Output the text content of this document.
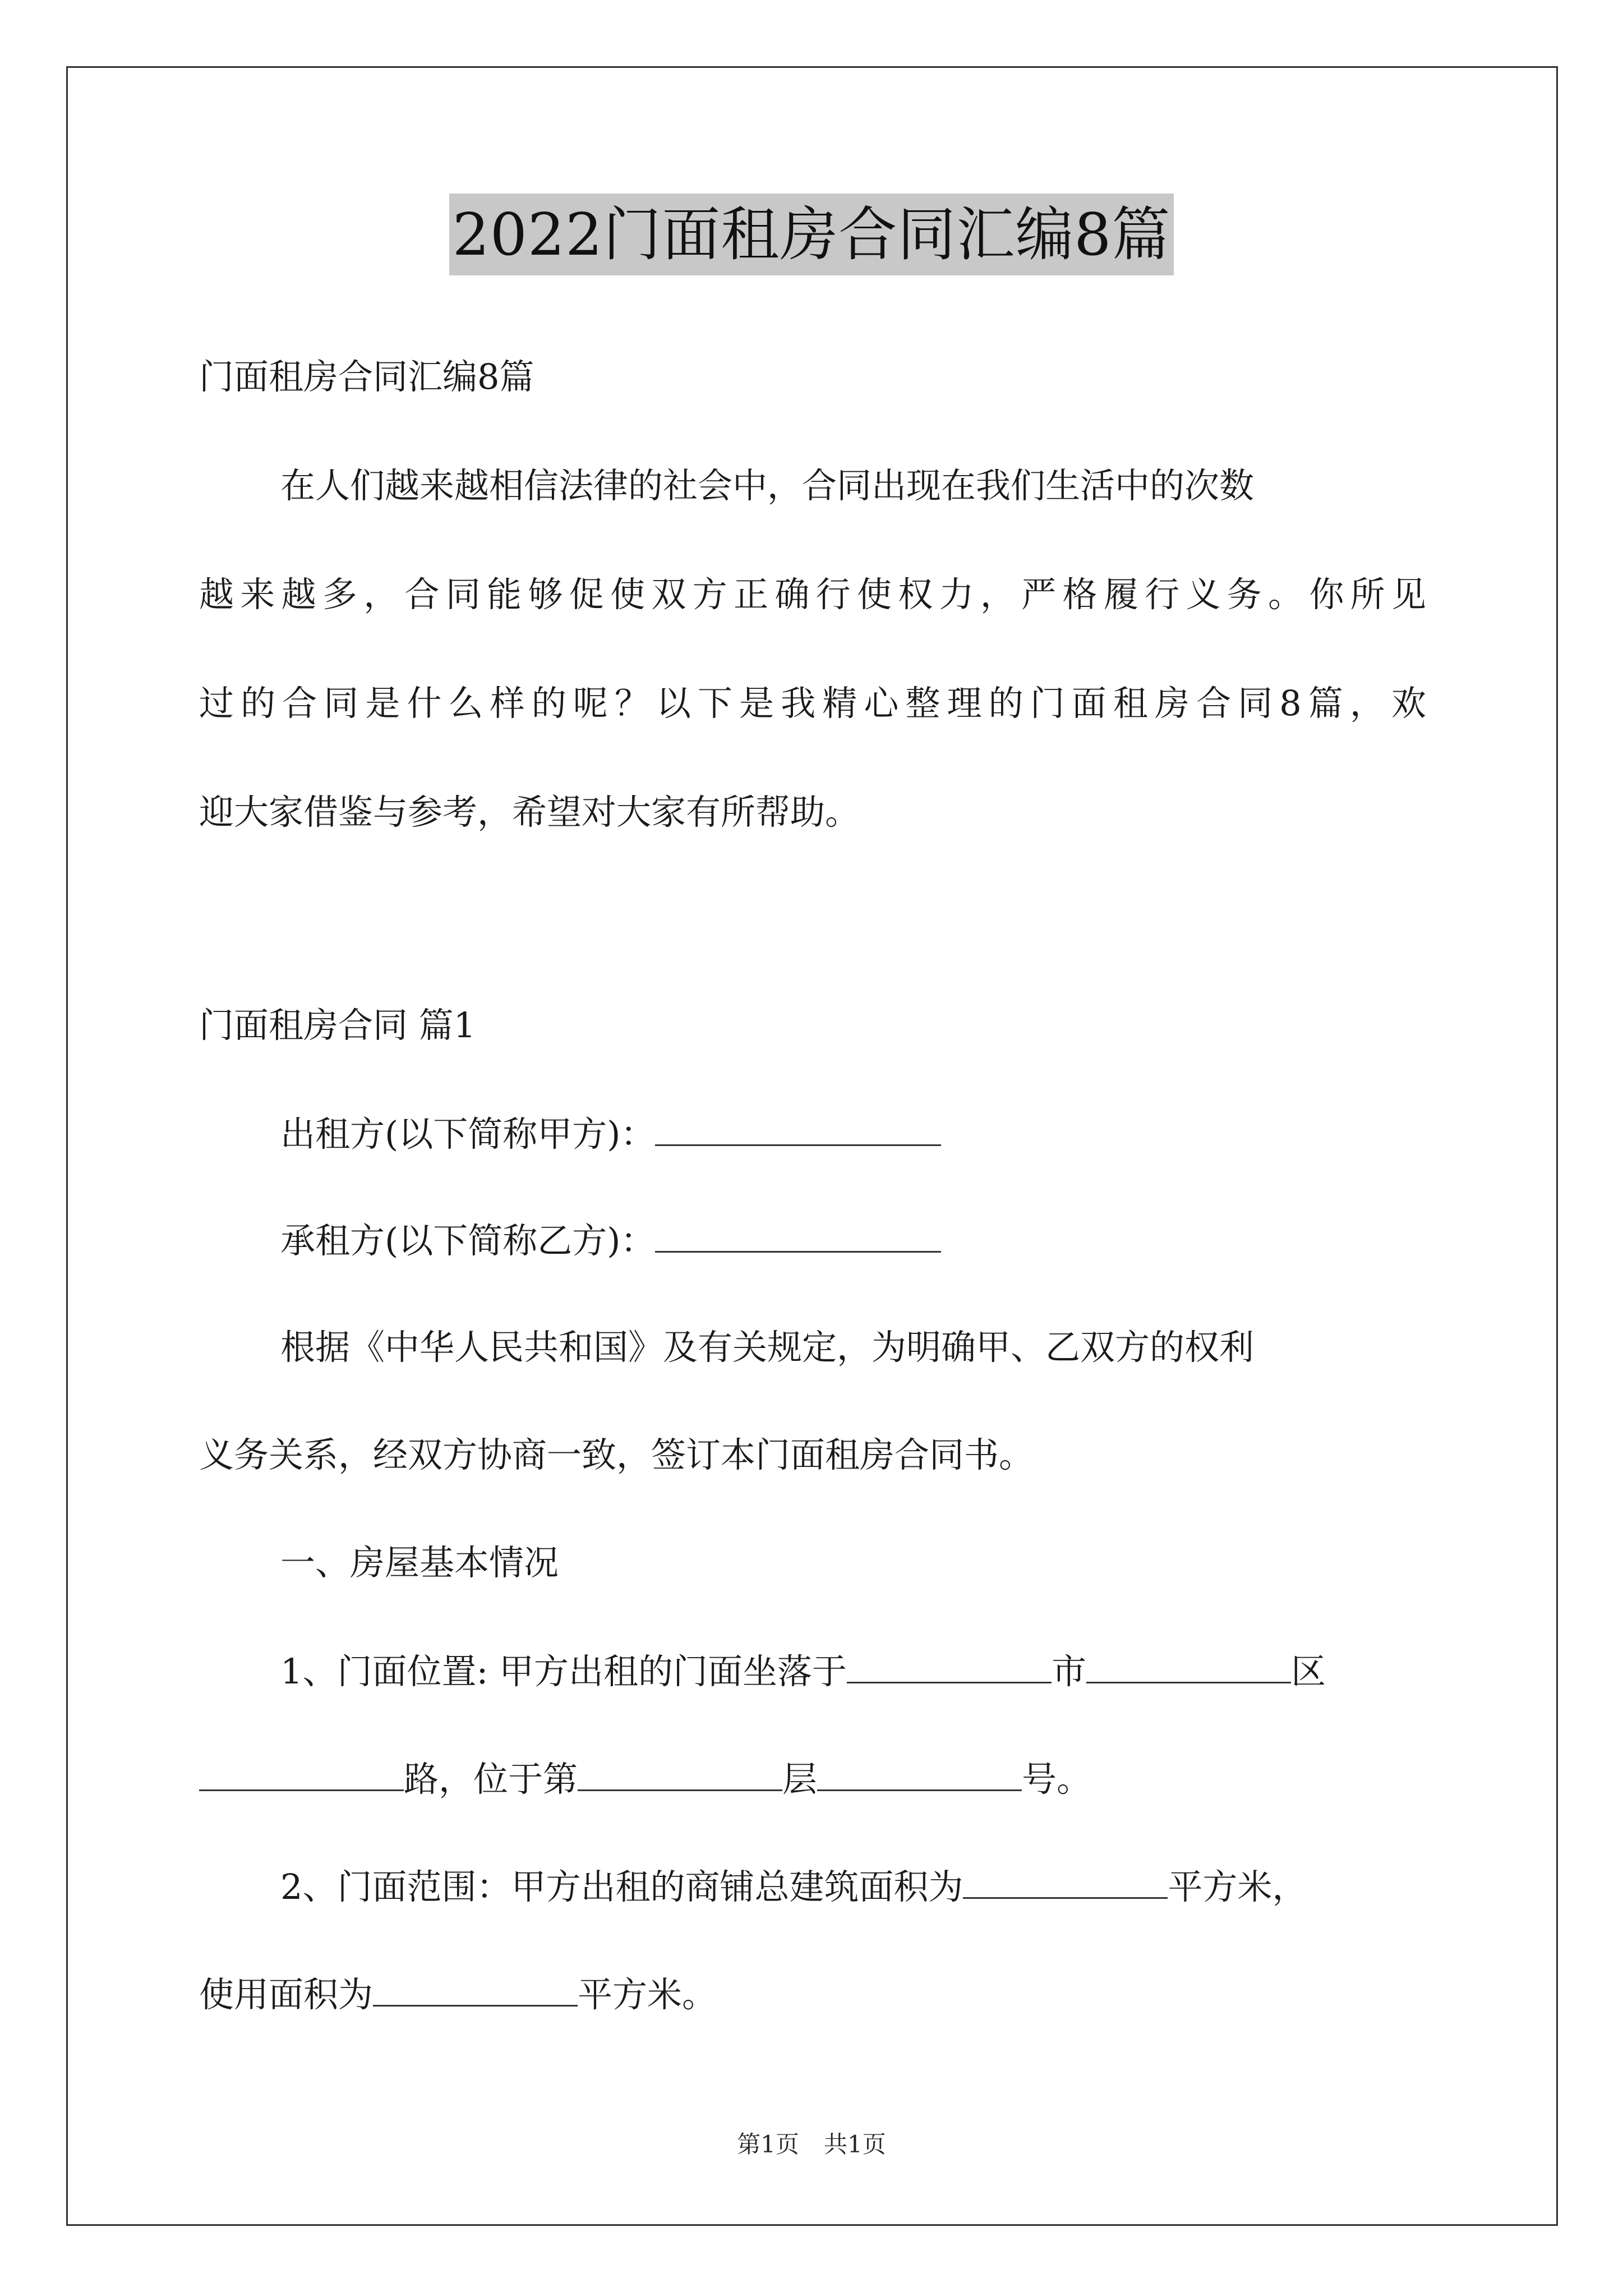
2022门面租房合同汇编8篇
门面租房合同汇编8篇
在人们越来越相信法律的社会中，合同出现在我们生活中的次数
越来越多，合同能够促使双方正确行使权力，严格履行义务。你所见
过的合同是什么样的呢？以下是我精心整理的门面租房合同8篇，欢
迎大家借鉴与参考，希望对大家有所帮助。
门面租房合同 篇1
出租方(以下简称甲方)：
承租方(以下简称乙方)：
根据《中华人民共和国》及有关规定，为明确甲、乙双方的权利
义务关系，经双方协商一致，签订本门面租房合同书。
一、房屋基本情况
1、门面位置: 甲方出租的门面坐落于	市	区
路，位于第	层	号。
2、门面范围：甲方出租的商铺总建筑面积为	平方米，
使用面积为	平方米。
第1页 共1页
